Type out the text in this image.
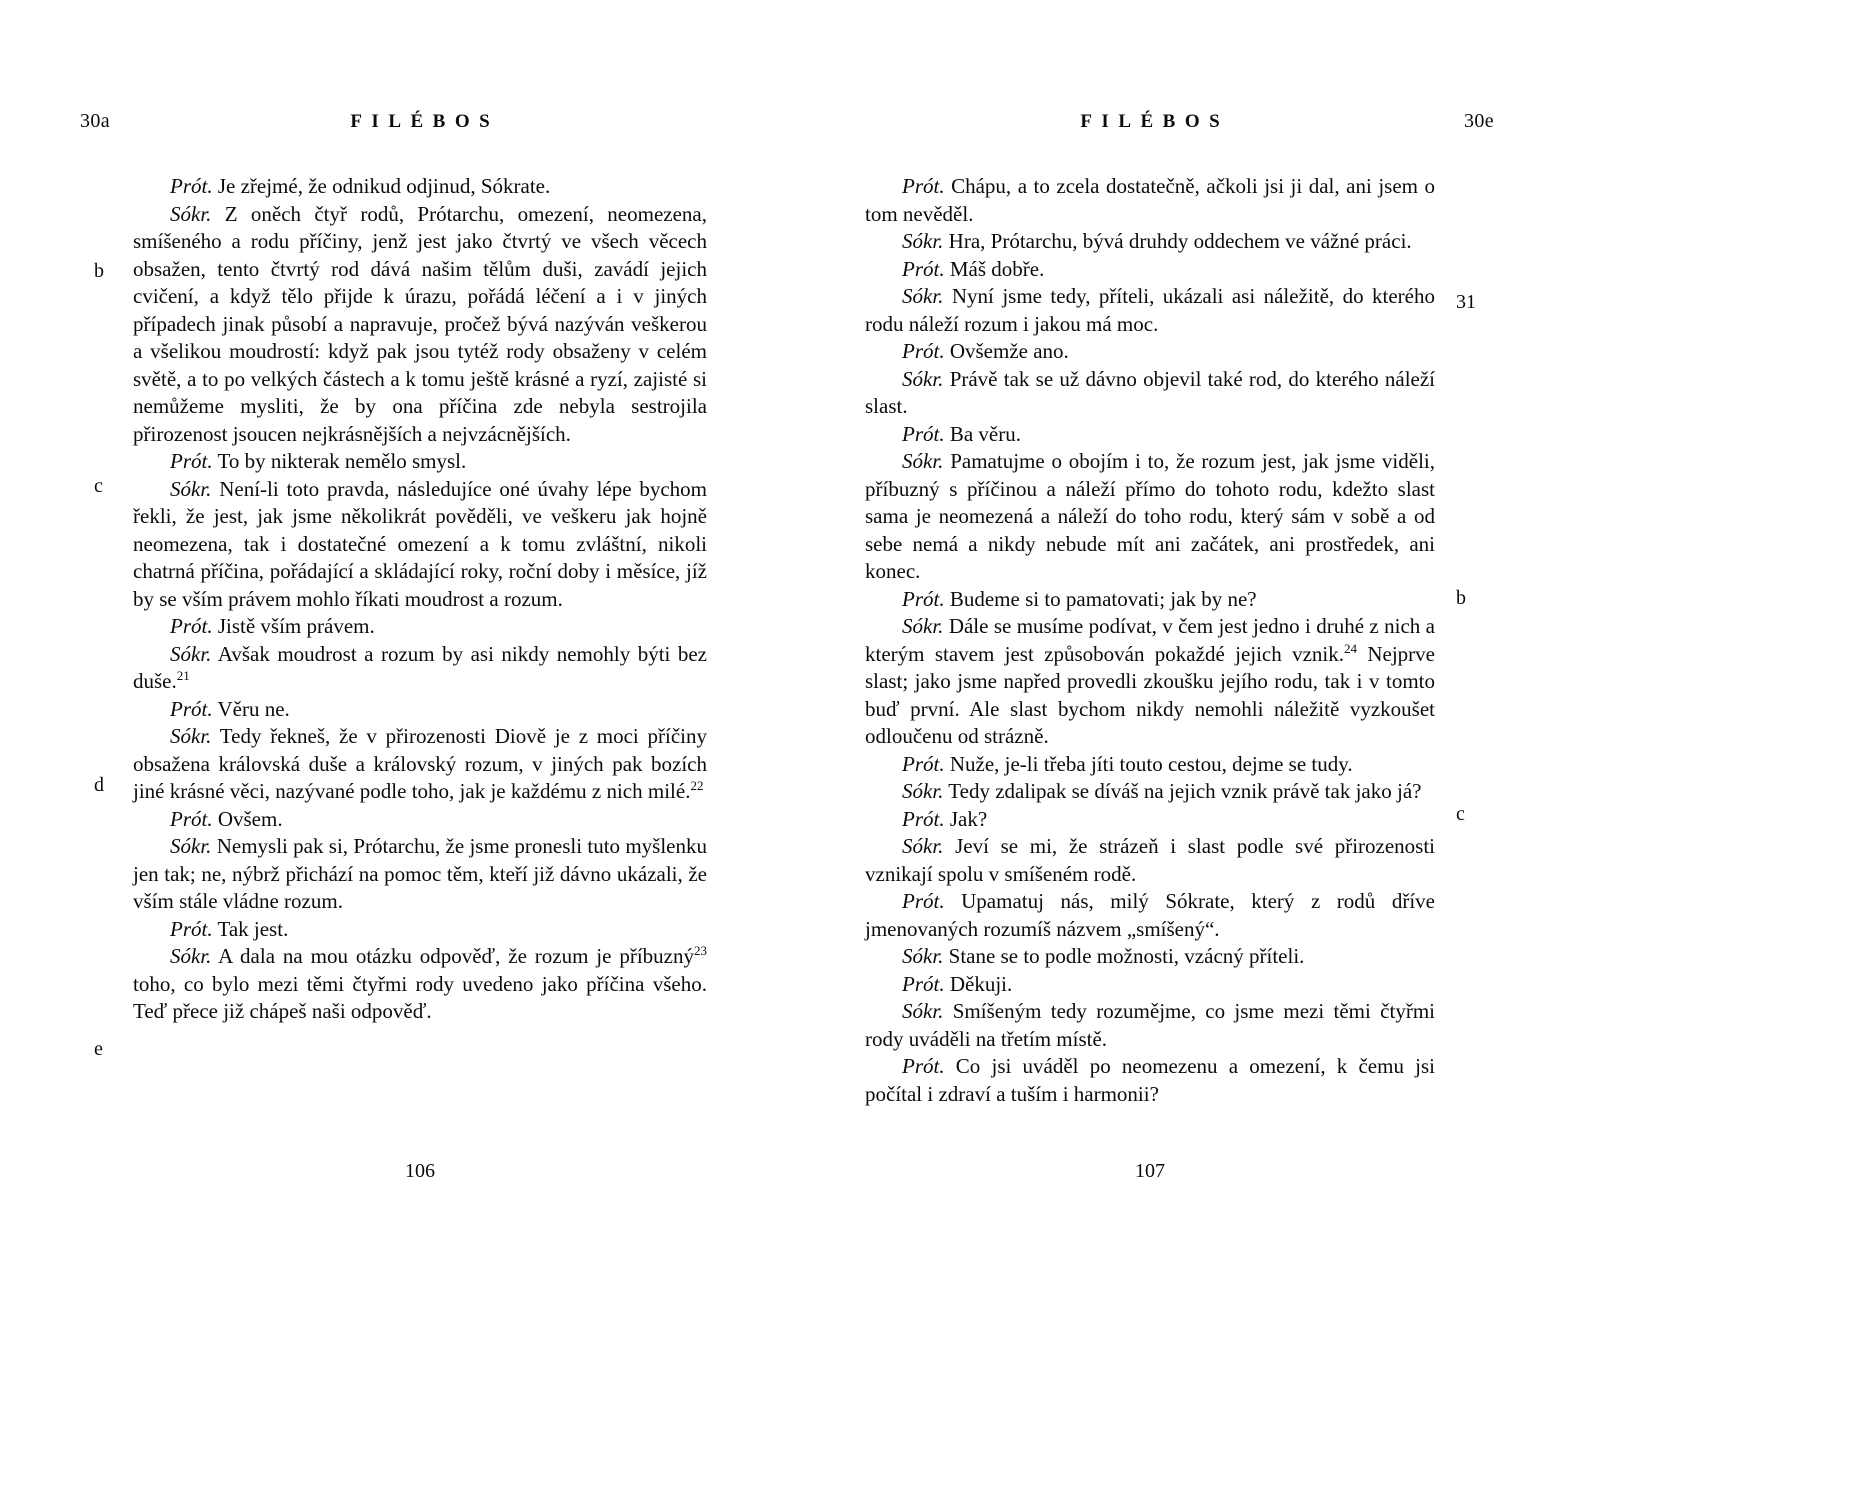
30a	FILÉBOS

Prót. Je zřejmé, že odnikud odjinud, Sókrate.

Sókr. Z oněch čtyř rodů, Prótarchu, omezení, neomezena, smíšeného a rodu příčiny, jenž jest jako čtvrtý ve všech věcech obsažen, tento čtvrtý rod dává našim tělům duši, zavádí jejich cvičení, a když tělo přijde k úrazu, pořádá léčení a i v jiných případech jinak působí a napravuje, pročež bývá nazýván veškerou a všelikou moudrostí: když pak jsou tytéž rody obsaženy v celém světě, a to po velkých částech a k tomu ještě krásné a ryzí, zajisté si nemůžeme mysliti, že by ona příčina zde nebyla sestrojila přirozenost jsoucen nejkrásnějších a nejvzácnějších.

Prót. To by nikterak nemělo smysl.

Sókr. Není-li toto pravda, následujíce oné úvahy lépe bychom řekli, že jest, jak jsme několikrát pověděli, ve veškeru jak hojně neomezena, tak i dostatečné omezení a k tomu zvláštní, nikoli chatrná příčina, pořádající a skládající roky, roční doby i měsíce, jíž by se vším právem mohlo říkati moudrost a rozum.

Prót. Jistě vším právem.

Sókr. Avšak moudrost a rozum by asi nikdy nemohly býti bez duše.$^{21}$

Prót. Věru ne.

Sókr. Tedy řekneš, že v přirozenosti Diově je z moci příčiny obsažena královská duše a královský rozum, v jiných pak bozích jiné krásné věci, nazývané podle toho, jak je každému z nich milé.$^{22}$

Prót. Ovšem.

Sókr. Nemysli pak si, Prótarchu, že jsme pronesli tuto myšlenku jen tak; ne, nýbrž přichází na pomoc těm, kteří již dávno ukázali, že vším stále vládne rozum.

Prót. Tak jest.

Sókr. A dala na mou otázku odpověď, že rozum je příbuzný$^{23}$ toho, co bylo mezi těmi čtyřmi rody uvedeno jako příčina všeho. Teď přece již chápeš naši odpověď.

b
c
d
e
106
FILÉBOS	30e

Prót. Chápu, a to zcela dostatečně, ačkoli jsi ji dal, ani jsem o tom nevěděl.

Sókr. Hra, Prótarchu, bývá druhdy oddechem ve vážné práci.

Prót. Máš dobře.

Sókr. Nyní jsme tedy, příteli, ukázali asi náležitě, do kterého rodu náleží rozum i jakou má moc.

Prót. Ovšemže ano.

Sókr. Právě tak se už dávno objevil také rod, do kterého náleží slast.

Prót. Ba věru.

Sókr. Pamatujme o obojím i to, že rozum jest, jak jsme viděli, příbuzný s příčinou a náleží přímo do tohoto rodu, kdežto slast sama je neomezená a náleží do toho rodu, který sám v sobě a od sebe nemá a nikdy nebude mít ani začátek, ani prostředek, ani konec.

Prót. Budeme si to pamatovati; jak by ne?

Sókr. Dále se musíme podívat, v čem jest jedno i druhé z nich a kterým stavem jest způsobován pokaždé jejich vznik.$^{24}$ Nejprve slast; jako jsme napřed provedli zkoušku jejího rodu, tak i v tomto buď první. Ale slast bychom nikdy nemohli náležitě vyzkoušet odloučenu od strázně.

Prót. Nuže, je-li třeba jíti touto cestou, dejme se tudy.

Sókr. Tedy zdalipak se díváš na jejich vznik právě tak jako já?

Prót. Jak?

Sókr. Jeví se mi, že strázeň i slast podle své přirozenosti vznikají spolu v smíšeném rodě.

Prót. Upamatuj nás, milý Sókrate, který z rodů dříve jmenovaných rozumíš názvem „smíšený“.

Sókr. Stane se to podle možnosti, vzácný příteli.

Prót. Děkuji.

Sókr. Smíšeným tedy rozumějme, co jsme mezi těmi čtyřmi rody uváděli na třetím místě.

Prót. Co jsi uváděl po neomezenu a omezení, k čemu jsi počítal i zdraví a tuším i harmonii?

31
b
c
107
